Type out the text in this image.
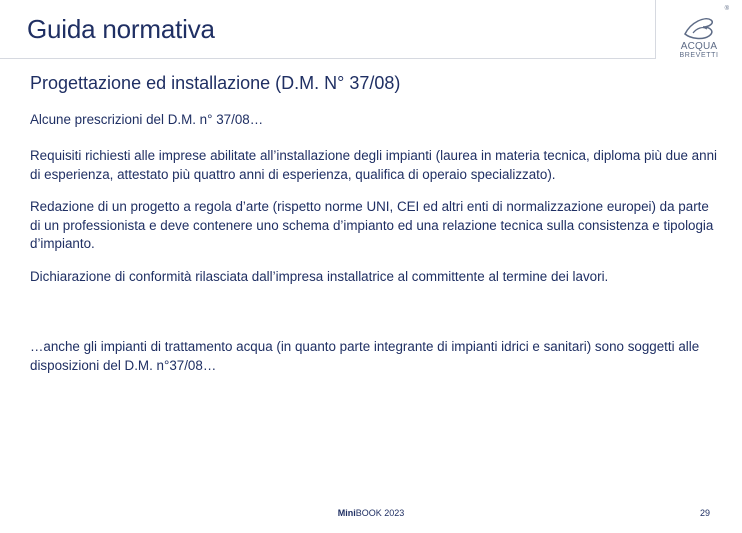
Guida normativa
ACQUA
BREVETTI
®
Progettazione ed installazione (D.M. N° 37/08)
Alcune prescrizioni del D.M. n° 37/08…
Requisiti richiesti alle imprese abilitate all’installazione degli impianti (laurea in materia tecnica, diploma più due anni di esperienza, attestato più quattro anni di esperienza, qualifica di operaio specializzato).
Redazione di un progetto a regola d’arte (rispetto norme UNI, CEI ed altri enti di normalizzazione europei) da parte di un professionista e deve contenere uno schema d’impianto ed una relazione tecnica sulla consistenza e tipologia d’impianto.
Dichiarazione di conformità rilasciata dall’impresa installatrice al committente al termine dei lavori.
…anche gli impianti di trattamento acqua (in quanto parte integrante di impianti idrici e sanitari) sono soggetti alle disposizioni del D.M. n°37/08…
MiniBOOK 2023	29
